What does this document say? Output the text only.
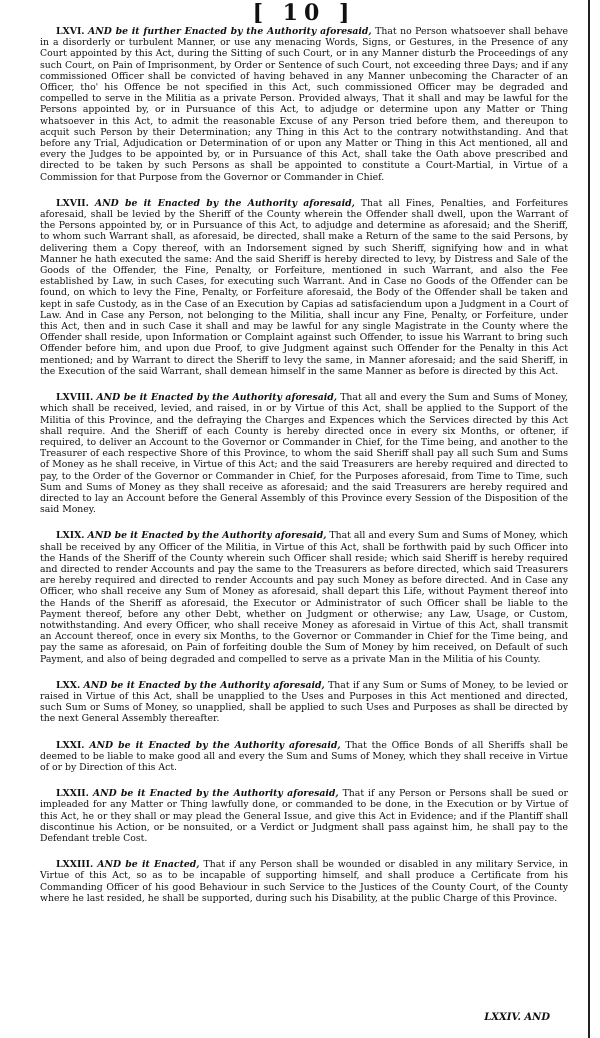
[ 10 ]

LXVI. AND be it further Enacted by the Authority aforesaid, That no Person whatsoever shall behave in a disorderly or turbulent Manner, or use any menacing Words, Signs, or Gestures, in the Presence of any Court appointed by this Act, during the Sitting of such Court, or in any Manner disturb the Proceedings of any such Court, on Pain of Imprisonment, by Order or Sentence of such Court, not exceeding three Days; and if any commissioned Officer shall be convicted of having behaved in any Manner unbecoming the Character of an Officer, tho' his Offence be not specified in this Act, such commissioned Officer may be degraded and compelled to serve in the Militia as a private Person. Provided always, That it shall and may be lawful for the Persons appointed by, or in Pursuance of this Act, to adjudge or determine upon any Matter or Thing whatsoever in this Act, to admit the reasonable Excuse of any Person tried before them, and thereupon to acquit such Person by their Determination; any Thing in this Act to the contrary notwithstanding. And that before any Trial, Adjudication or Determination of or upon any Matter or Thing in this Act mentioned, all and every the Judges to be appointed by, or in Pursuance of this Act, shall take the Oath above prescribed and directed to be taken by such Persons as shall be appointed to constitute a Court-Martial, in Virtue of a Commission for that Purpose from the Governor or Commander in Chief.

LXVII. AND be it Enacted by the Authority aforesaid, That all Fines, Penalties, and Forfeitures aforesaid, shall be levied by the Sheriff of the County wherein the Offender shall dwell, upon the Warrant of the Persons appointed by, or in Pursuance of this Act, to adjudge and determine as aforesaid; and the Sheriff, to whom such Warrant shall, as aforesaid, be directed, shall make a Return of the same to the said Persons, by delivering them a Copy thereof, with an Indorsement signed by such Sheriff, signifying how and in what Manner he hath executed the same: And the said Sheriff is hereby directed to levy, by Distress and Sale of the Goods of the Offender, the Fine, Penalty, or Forfeiture, mentioned in such Warrant, and also the Fee established by Law, in such Cases, for executing such Warrant. And in Case no Goods of the Offender can be found, on which to levy the Fine, Penalty, or Forfeiture aforesaid, the Body of the Offender shall be taken and kept in safe Custody, as in the Case of an Execution by Capias ad satisfaciendum upon a Judgment in a Court of Law. And in Case any Person, not belonging to the Militia, shall incur any Fine, Penalty, or Forfeiture, under this Act, then and in such Case it shall and may be lawful for any single Magistrate in the County where the Offender shall reside, upon Information or Complaint against such Offender, to issue his Warrant to bring such Offender before him, and upon due Proof, to give Judgment against such Offender for the Penalty in this Act mentioned; and by Warrant to direct the Sheriff to levy the same, in Manner aforesaid; and the said Sheriff, in the Execution of the said Warrant, shall demean himself in the same Manner as before is directed by this Act.

LXVIII. AND be it Enacted by the Authority aforesaid, That all and every the Sum and Sums of Money, which shall be received, levied, and raised, in or by Virtue of this Act, shall be applied to the Support of the Militia of this Province, and the defraying the Charges and Expences which the Services directed by this Act shall require. And the Sheriff of each County is hereby directed once in every six Months, or oftener, if required, to deliver an Account to the Governor or Commander in Chief, for the Time being, and another to the Treasurer of each respective Shore of this Province, to whom the said Sheriff shall pay all such Sum and Sums of Money as he shall receive, in Virtue of this Act; and the said Treasurers are hereby required and directed to pay, to the Order of the Governor or Commander in Chief, for the Purposes aforesaid, from Time to Time, such Sum and Sums of Money as they shall receive as aforesaid; and the said Treasurers are hereby required and directed to lay an Account before the General Assembly of this Province every Session of the Disposition of the said Money.

LXIX. AND be it Enacted by the Authority aforesaid, That all and every Sum and Sums of Money, which shall be received by any Officer of the Militia, in Virtue of this Act, shall be forthwith paid by such Officer into the Hands of the Sheriff of the County wherein such Officer shall reside; which said Sheriff is hereby required and directed to render Accounts and pay the same to the Treasurers as before directed, which said Treasurers are hereby required and directed to render Accounts and pay such Money as before directed. And in Case any Officer, who shall receive any Sum of Money as aforesaid, shall depart this Life, without Payment thereof into the Hands of the Sheriff as aforesaid, the Executor or Administrator of such Officer shall be liable to the Payment thereof, before any other Debt, whether on Judgment or otherwise; any Law, Usage, or Custom, notwithstanding. And every Officer, who shall receive Money as aforesaid in Virtue of this Act, shall transmit an Account thereof, once in every six Months, to the Governor or Commander in Chief for the Time being, and pay the same as aforesaid, on Pain of forfeiting double the Sum of Money by him received, on Default of such Payment, and also of being degraded and compelled to serve as a private Man in the Militia of his County.

LXX. AND be it Enacted by the Authority aforesaid, That if any Sum or Sums of Money, to be levied or raised in Virtue of this Act, shall be unapplied to the Uses and Purposes in this Act mentioned and directed, such Sum or Sums of Money, so unapplied, shall be applied to such Uses and Purposes as shall be directed by the next General Assembly thereafter.

LXXI. AND be it Enacted by the Authority aforesaid, That the Office Bonds of all Sheriffs shall be deemed to be liable to make good all and every the Sum and Sums of Money, which they shall receive in Virtue of or by Direction of this Act.

LXXII. AND be it Enacted by the Authority aforesaid, That if any Person or Persons shall be sued or impleaded for any Matter or Thing lawfully done, or commanded to be done, in the Execution or by Virtue of this Act, he or they shall or may plead the General Issue, and give this Act in Evidence; and if the Plantiff shall discontinue his Action, or be nonsuited, or a Verdict or Judgment shall pass against him, he shall pay to the Defendant treble Cost.

LXXIII. AND be it Enacted, That if any Person shall be wounded or disabled in any military Service, in Virtue of this Act, so as to be incapable of supporting himself, and shall produce a Certificate from his Commanding Officer of his good Behaviour in such Service to the Justices of the County Court, of the County where he last resided, he shall be supported, during such his Disability, at the public Charge of this Province.

LXXIV. AND
